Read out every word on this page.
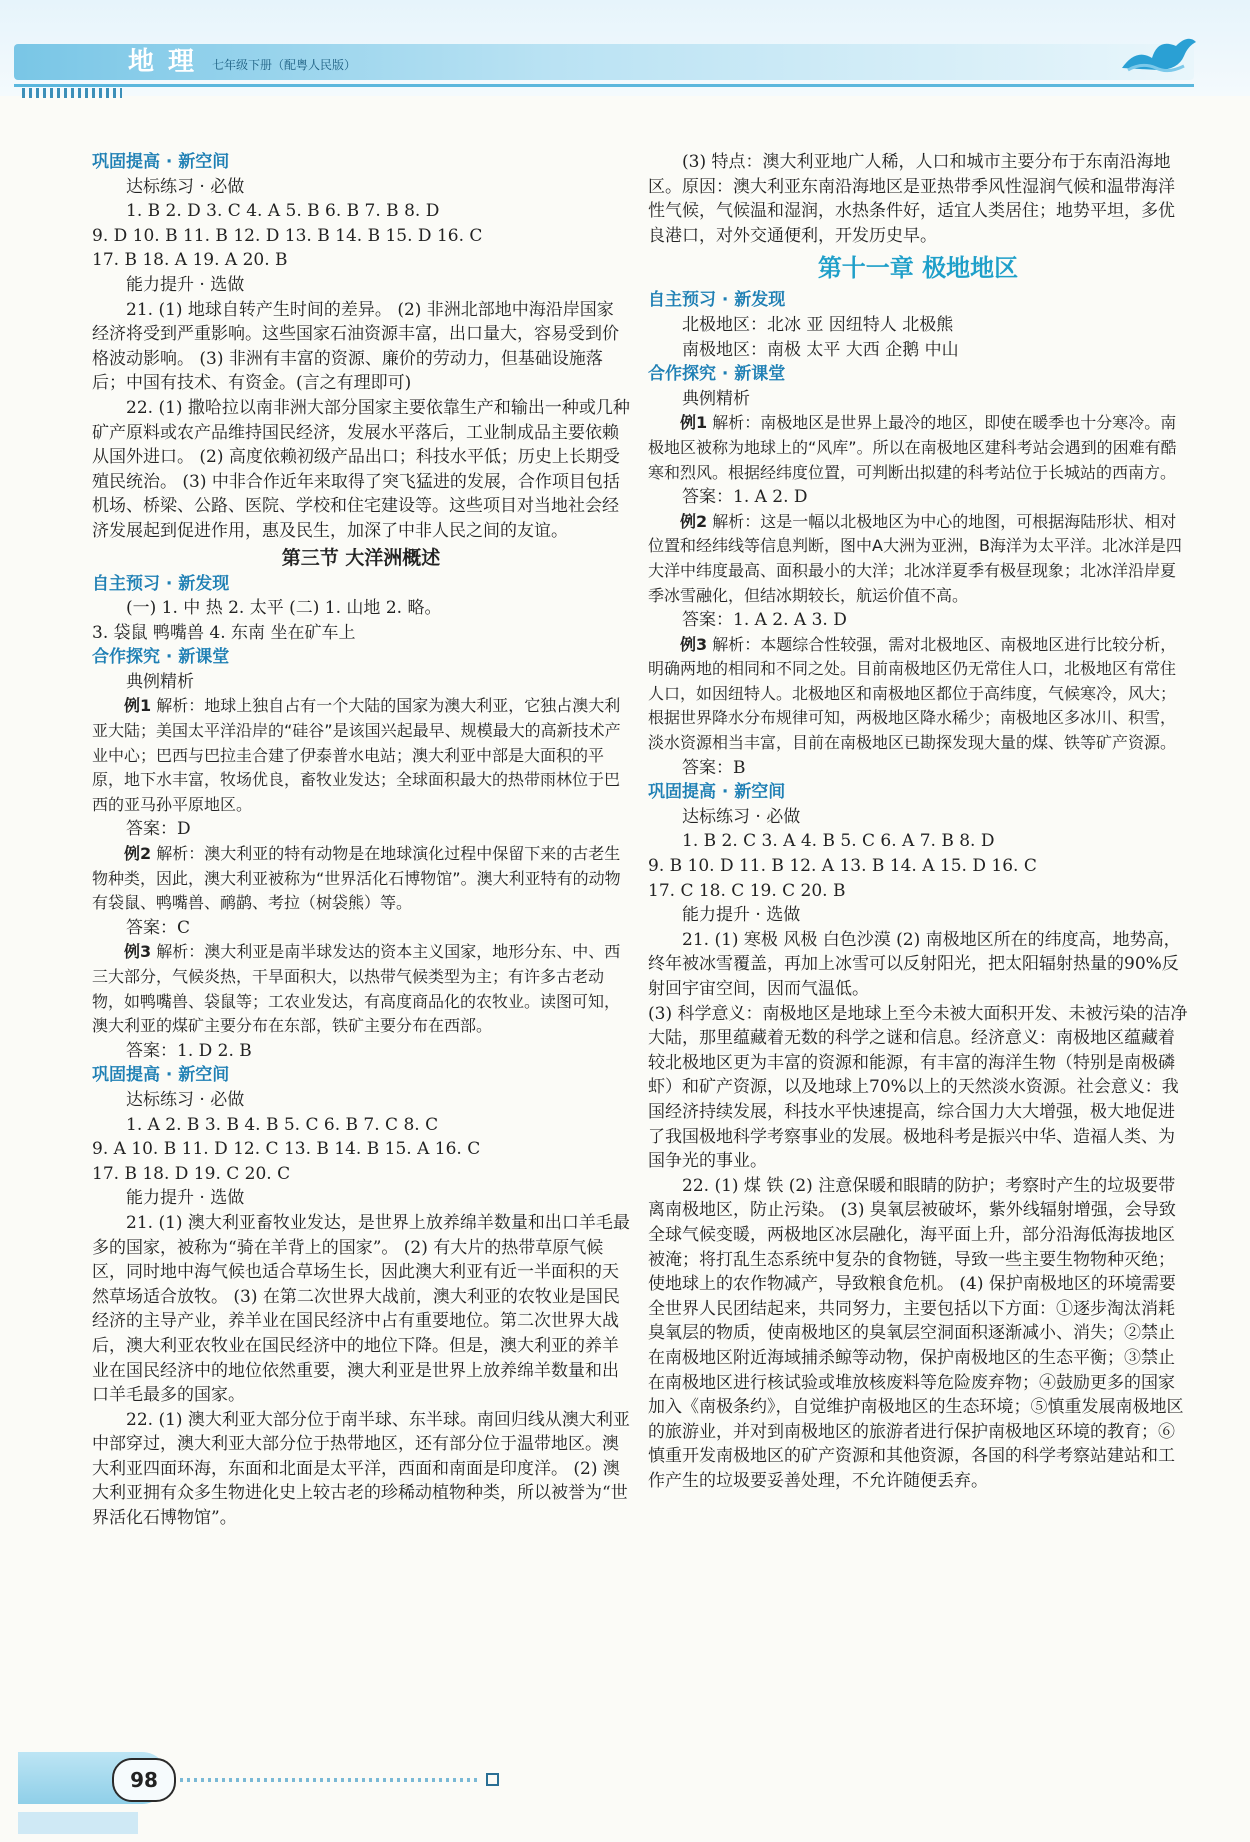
地理 七年级下册（配粤人民版）

巩固提高 · 新空间

达标练习 · 必做

1. B 2. D 3. C 4. A 5. B 6. B 7. B 8. D

9. D 10. B 11. B 12. D 13. B 14. B 15. D 16. C

17. B 18. A 19. A 20. B

能力提升 · 选做

21. (1) 地球自转产生时间的差异。 (2) 非洲北部地中海沿岸国家经济将受到严重影响。这些国家石油资源丰富，出口量大，容易受到价格波动影响。 (3) 非洲有丰富的资源、廉价的劳动力，但基础设施落后；中国有技术、有资金。(言之有理即可)

22. (1) 撒哈拉以南非洲大部分国家主要依靠生产和输出一种或几种矿产原料或农产品维持国民经济，发展水平落后，工业制成品主要依赖从国外进口。 (2) 高度依赖初级产品出口；科技水平低；历史上长期受殖民统治。 (3) 中非合作近年来取得了突飞猛进的发展，合作项目包括机场、桥梁、公路、医院、学校和住宅建设等。这些项目对当地社会经济发展起到促进作用，惠及民生，加深了中非人民之间的友谊。

第三节 大洋洲概述

自主预习 · 新发现

(一) 1. 中 热 2. 太平 (二) 1. 山地 2. 略。

3. 袋鼠 鸭嘴兽 4. 东南 坐在矿车上

合作探究 · 新课堂

典例精析

例1 解析：地球上独自占有一个大陆的国家为澳大利亚，它独占澳大利亚大陆；美国太平洋沿岸的“硅谷”是该国兴起最早、规模最大的高新技术产业中心；巴西与巴拉圭合建了伊泰普水电站；澳大利亚中部是大面积的平原，地下水丰富，牧场优良，畜牧业发达；全球面积最大的热带雨林位于巴西的亚马孙平原地区。

答案：D

例2 解析：澳大利亚的特有动物是在地球演化过程中保留下来的古老生物种类，因此，澳大利亚被称为“世界活化石博物馆”。澳大利亚特有的动物有袋鼠、鸭嘴兽、鸸鹋、考拉（树袋熊）等。

答案：C

例3 解析：澳大利亚是南半球发达的资本主义国家，地形分东、中、西三大部分，气候炎热，干旱面积大，以热带气候类型为主；有许多古老动物，如鸭嘴兽、袋鼠等；工农业发达，有高度商品化的农牧业。读图可知，澳大利亚的煤矿主要分布在东部，铁矿主要分布在西部。

答案：1. D 2. B

巩固提高 · 新空间

达标练习 · 必做

1. A 2. B 3. B 4. B 5. C 6. B 7. C 8. C

9. A 10. B 11. D 12. C 13. B 14. B 15. A 16. C

17. B 18. D 19. C 20. C

能力提升 · 选做

21. (1) 澳大利亚畜牧业发达，是世界上放养绵羊数量和出口羊毛最多的国家，被称为“骑在羊背上的国家”。 (2) 有大片的热带草原气候区，同时地中海气候也适合草场生长，因此澳大利亚有近一半面积的天然草场适合放牧。 (3) 在第二次世界大战前，澳大利亚的农牧业是国民经济的主导产业，养羊业在国民经济中占有重要地位。第二次世界大战后，澳大利亚农牧业在国民经济中的地位下降。但是，澳大利亚的养羊业在国民经济中的地位依然重要，澳大利亚是世界上放养绵羊数量和出口羊毛最多的国家。

22. (1) 澳大利亚大部分位于南半球、东半球。南回归线从澳大利亚中部穿过，澳大利亚大部分位于热带地区，还有部分位于温带地区。澳大利亚四面环海，东面和北面是太平洋，西面和南面是印度洋。 (2) 澳大利亚拥有众多生物进化史上较古老的珍稀动植物种类，所以被誉为“世界活化石博物馆”。

(3) 特点：澳大利亚地广人稀，人口和城市主要分布于东南沿海地区。原因：澳大利亚东南沿海地区是亚热带季风性湿润气候和温带海洋性气候，气候温和湿润，水热条件好，适宜人类居住；地势平坦，多优良港口，对外交通便利，开发历史早。

第十一章 极地地区

自主预习 · 新发现

北极地区：北冰 亚 因纽特人 北极熊

南极地区：南极 太平 大西 企鹅 中山

合作探究 · 新课堂

典例精析

例1 解析：南极地区是世界上最冷的地区，即使在暖季也十分寒冷。南极地区被称为地球上的“风库”。所以在南极地区建科考站会遇到的困难有酷寒和烈风。根据经纬度位置，可判断出拟建的科考站位于长城站的西南方。

答案：1. A 2. D

例2 解析：这是一幅以北极地区为中心的地图，可根据海陆形状、相对位置和经纬线等信息判断，图中A大洲为亚洲，B海洋为太平洋。北冰洋是四大洋中纬度最高、面积最小的大洋；北冰洋夏季有极昼现象；北冰洋沿岸夏季冰雪融化，但结冰期较长，航运价值不高。

答案：1. A 2. A 3. D

例3 解析：本题综合性较强，需对北极地区、南极地区进行比较分析，明确两地的相同和不同之处。目前南极地区仍无常住人口，北极地区有常住人口，如因纽特人。北极地区和南极地区都位于高纬度，气候寒冷，风大；根据世界降水分布规律可知，两极地区降水稀少；南极地区多冰川、积雪，淡水资源相当丰富，目前在南极地区已勘探发现大量的煤、铁等矿产资源。

答案：B

巩固提高 · 新空间

达标练习 · 必做

1. B 2. C 3. A 4. B 5. C 6. A 7. B 8. D

9. B 10. D 11. B 12. A 13. B 14. A 15. D 16. C

17. C 18. C 19. C 20. B

能力提升 · 选做

21. (1) 寒极 风极 白色沙漠 (2) 南极地区所在的纬度高，地势高，终年被冰雪覆盖，再加上冰雪可以反射阳光，把太阳辐射热量的90%反射回宇宙空间，因而气温低。

(3) 科学意义：南极地区是地球上至今未被大面积开发、未被污染的洁净大陆，那里蕴藏着无数的科学之谜和信息。经济意义：南极地区蕴藏着较北极地区更为丰富的资源和能源，有丰富的海洋生物（特别是南极磷虾）和矿产资源，以及地球上70%以上的天然淡水资源。社会意义：我国经济持续发展，科技水平快速提高，综合国力大大增强，极大地促进了我国极地科学考察事业的发展。极地科考是振兴中华、造福人类、为国争光的事业。

22. (1) 煤 铁 (2) 注意保暖和眼睛的防护；考察时产生的垃圾要带离南极地区，防止污染。 (3) 臭氧层被破坏，紫外线辐射增强，会导致全球气候变暖，两极地区冰层融化，海平面上升，部分沿海低海拔地区被淹；将打乱生态系统中复杂的食物链，导致一些主要生物物种灭绝；使地球上的农作物减产，导致粮食危机。 (4) 保护南极地区的环境需要全世界人民团结起来，共同努力，主要包括以下方面：①逐步淘汰消耗臭氧层的物质，使南极地区的臭氧层空洞面积逐渐减小、消失；②禁止在南极地区附近海域捕杀鲸等动物，保护南极地区的生态平衡；③禁止在南极地区进行核试验或堆放核废料等危险废弃物；④鼓励更多的国家加入《南极条约》，自觉维护南极地区的生态环境；⑤慎重发展南极地区的旅游业，并对到南极地区的旅游者进行保护南极地区环境的教育；⑥慎重开发南极地区的矿产资源和其他资源，各国的科学考察站建站和工作产生的垃圾要妥善处理，不允许随便丢弃。

98
